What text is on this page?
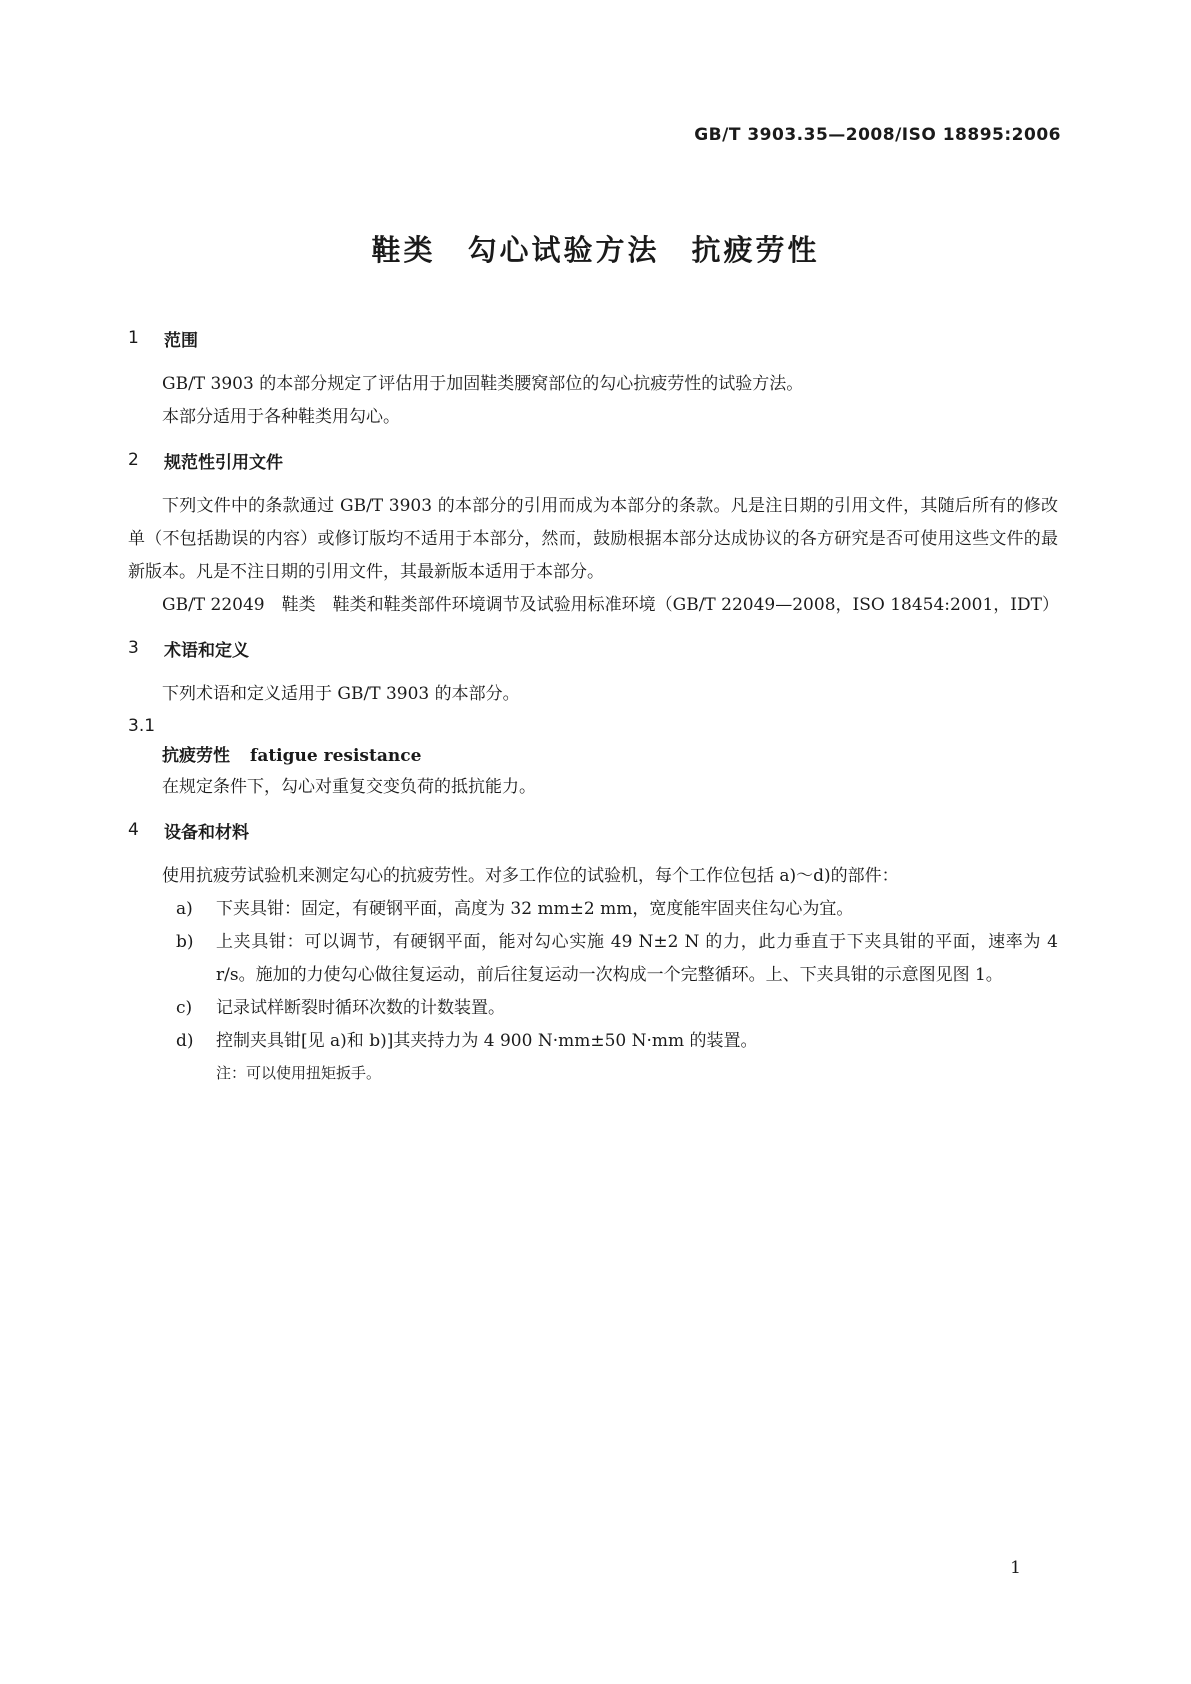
GB/T 3903.35—2008/ISO 18895:2006
鞋类 勾心试验方法 抗疲劳性
1	范围

GB/T 3903 的本部分规定了评估用于加固鞋类腰窝部位的勾心抗疲劳性的试验方法。

本部分适用于各种鞋类用勾心。

2	规范性引用文件

下列文件中的条款通过 GB/T 3903 的本部分的引用而成为本部分的条款。凡是注日期的引用文件，其随后所有的修改单（不包括勘误的内容）或修订版均不适用于本部分，然而，鼓励根据本部分达成协议的各方研究是否可使用这些文件的最新版本。凡是不注日期的引用文件，其最新版本适用于本部分。

GB/T 22049　鞋类　鞋类和鞋类部件环境调节及试验用标准环境（GB/T 22049—2008，ISO 18454:2001，IDT）

3	术语和定义

下列术语和定义适用于 GB/T 3903 的本部分。

3.1
抗疲劳性 fatigue resistance

在规定条件下，勾心对重复交变负荷的抵抗能力。

4	设备和材料

使用抗疲劳试验机来测定勾心的抗疲劳性。对多工作位的试验机，每个工作位包括 a)～d)的部件：

a)	下夹具钳：固定，有硬钢平面，高度为 32 mm±2 mm，宽度能牢固夹住勾心为宜。
b)	上夹具钳：可以调节，有硬钢平面，能对勾心实施 49 N±2 N 的力，此力垂直于下夹具钳的平面，速率为 4 r/s。施加的力使勾心做往复运动，前后往复运动一次构成一个完整循环。上、下夹具钳的示意图见图 1。
c)	记录试样断裂时循环次数的计数装置。
d)	控制夹具钳[见 a)和 b)]其夹持力为 4 900 N·mm±50 N·mm 的装置。
注：可以使用扭矩扳手。
1
